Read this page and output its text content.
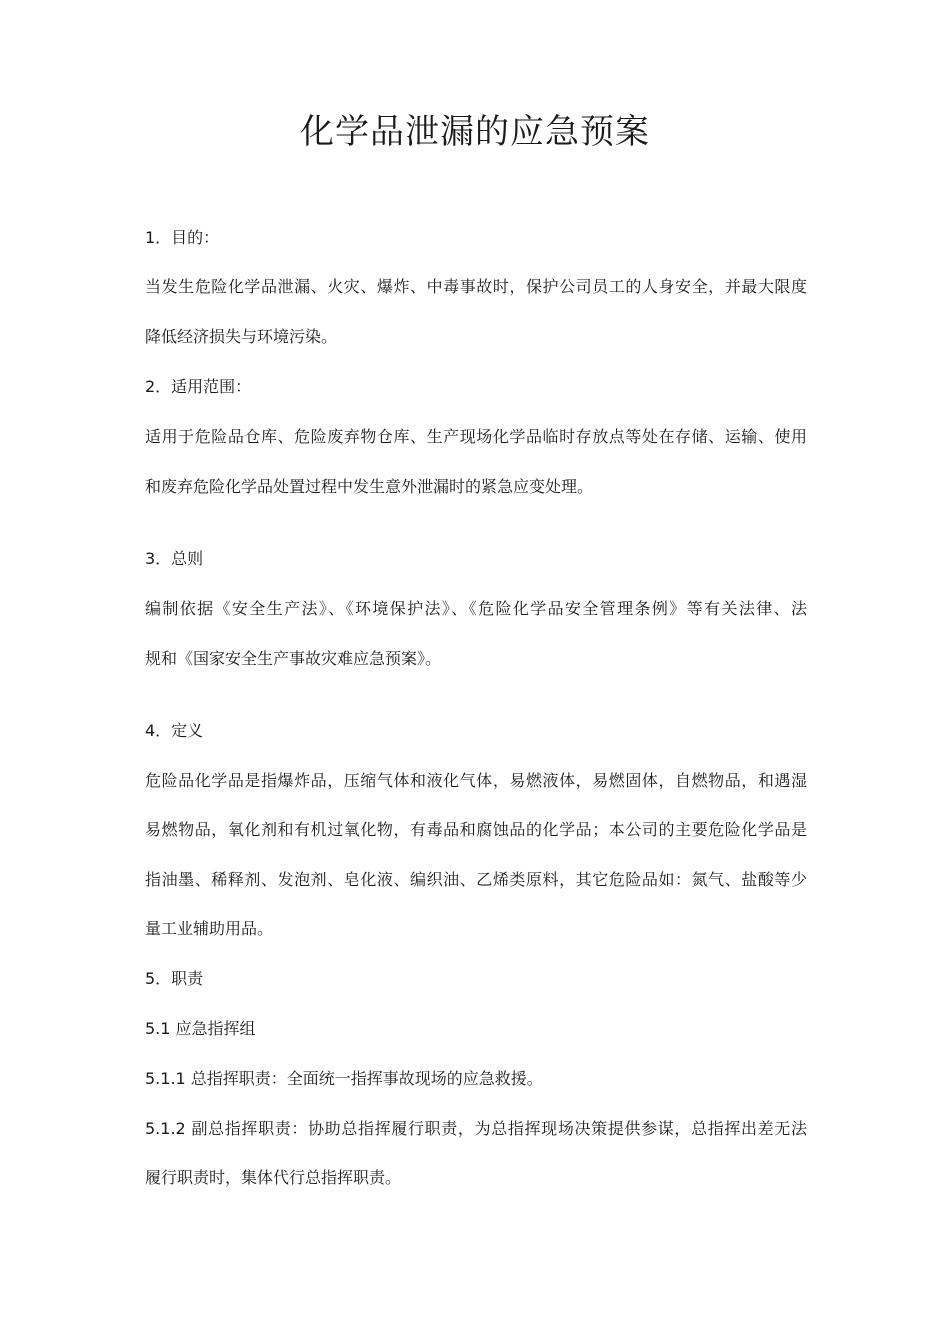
化学品泄漏的应急预案

1．目的：

当发生危险化学品泄漏、火灾、爆炸、中毒事故时，保护公司员工的人身安全，并最大限度

降低经济损失与环境污染。

2．适用范围：

适用于危险品仓库、危险废弃物仓库、生产现场化学品临时存放点等处在存储、运输、使用

和废弃危险化学品处置过程中发生意外泄漏时的紧急应变处理。

3．总则

编制依据《安全生产法》、《环境保护法》、《危险化学品安全管理条例》等有关法律、法

规和《国家安全生产事故灾难应急预案》。

4．定义

危险品化学品是指爆炸品，压缩气体和液化气体，易燃液体，易燃固体，自燃物品，和遇湿

易燃物品，氧化剂和有机过氧化物，有毒品和腐蚀品的化学品；本公司的主要危险化学品是

指油墨、稀释剂、发泡剂、皂化液、编织油、乙烯类原料，其它危险品如：氮气、盐酸等少

量工业辅助用品。

5．职责

5.1 应急指挥组

5.1.1 总指挥职责：全面统一指挥事故现场的应急救援。

5.1.2 副总指挥职责：协助总指挥履行职责，为总指挥现场决策提供参谋，总指挥出差无法

履行职责时，集体代行总指挥职责。
